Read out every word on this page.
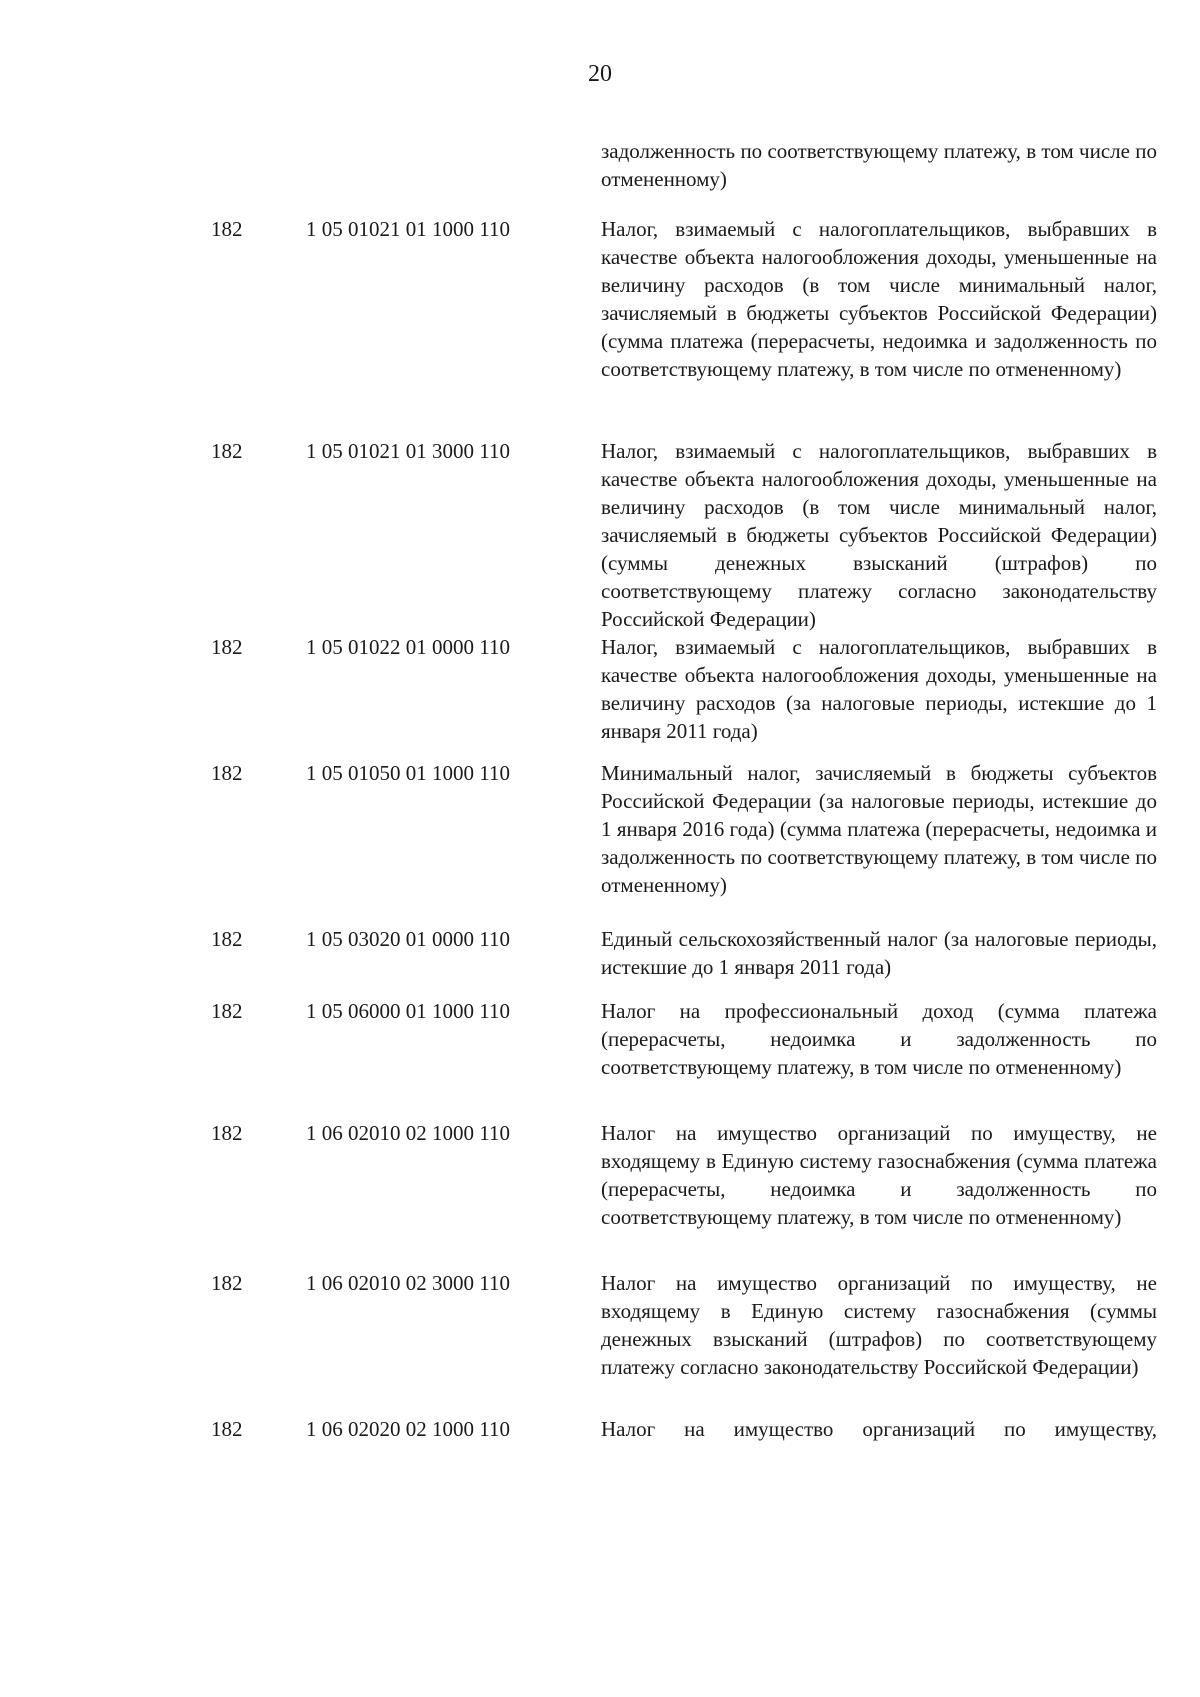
20
задолженность по соответствующему платежу, в том числе по отмененному)
182	1 05 01021 01 1000 110	Налог, взимаемый с налогоплательщиков, выбравших в качестве объекта налогообложения доходы, уменьшенные на величину расходов (в том числе минимальный налог, зачисляемый в бюджеты субъектов Российской Федерации) (сумма платежа (перерасчеты, недоимка и задолженность по соответствующему платежу, в том числе по отмененному)
182	1 05 01021 01 3000 110	Налог, взимаемый с налогоплательщиков, выбравших в качестве объекта налогообложения доходы, уменьшенные на величину расходов (в том числе минимальный налог, зачисляемый в бюджеты субъектов Российской Федерации) (суммы денежных взысканий (штрафов) по соответствующему платежу согласно законодательству Российской Федерации)
182	1 05 01022 01 0000 110	Налог, взимаемый с налогоплательщиков, выбравших в качестве объекта налогообложения доходы, уменьшенные на величину расходов (за налоговые периоды, истекшие до 1 января 2011 года)
182	1 05 01050 01 1000 110	Минимальный налог, зачисляемый в бюджеты субъектов Российской Федерации (за налоговые периоды, истекшие до 1 января 2016 года) (сумма платежа (перерасчеты, недоимка и задолженность по соответствующему платежу, в том числе по отмененному)
182	1 05 03020 01 0000 110	Единый сельскохозяйственный налог (за налоговые периоды, истекшие до 1 января 2011 года)
182	1 05 06000 01 1000 110	Налог на профессиональный доход (сумма платежа (перерасчеты, недоимка и задолженность по соответствующему платежу, в том числе по отмененному)
182	1 06 02010 02 1000 110	Налог на имущество организаций по имуществу, не входящему в Единую систему газоснабжения (сумма платежа (перерасчеты, недоимка и задолженность по соответствующему платежу, в том числе по отмененному)
182	1 06 02010 02 3000 110	Налог на имущество организаций по имуществу, не входящему в Единую систему газоснабжения (суммы денежных взысканий (штрафов) по соответствующему платежу согласно законодательству Российской Федерации)
182	1 06 02020 02 1000 110	Налог на имущество организаций по имуществу,
